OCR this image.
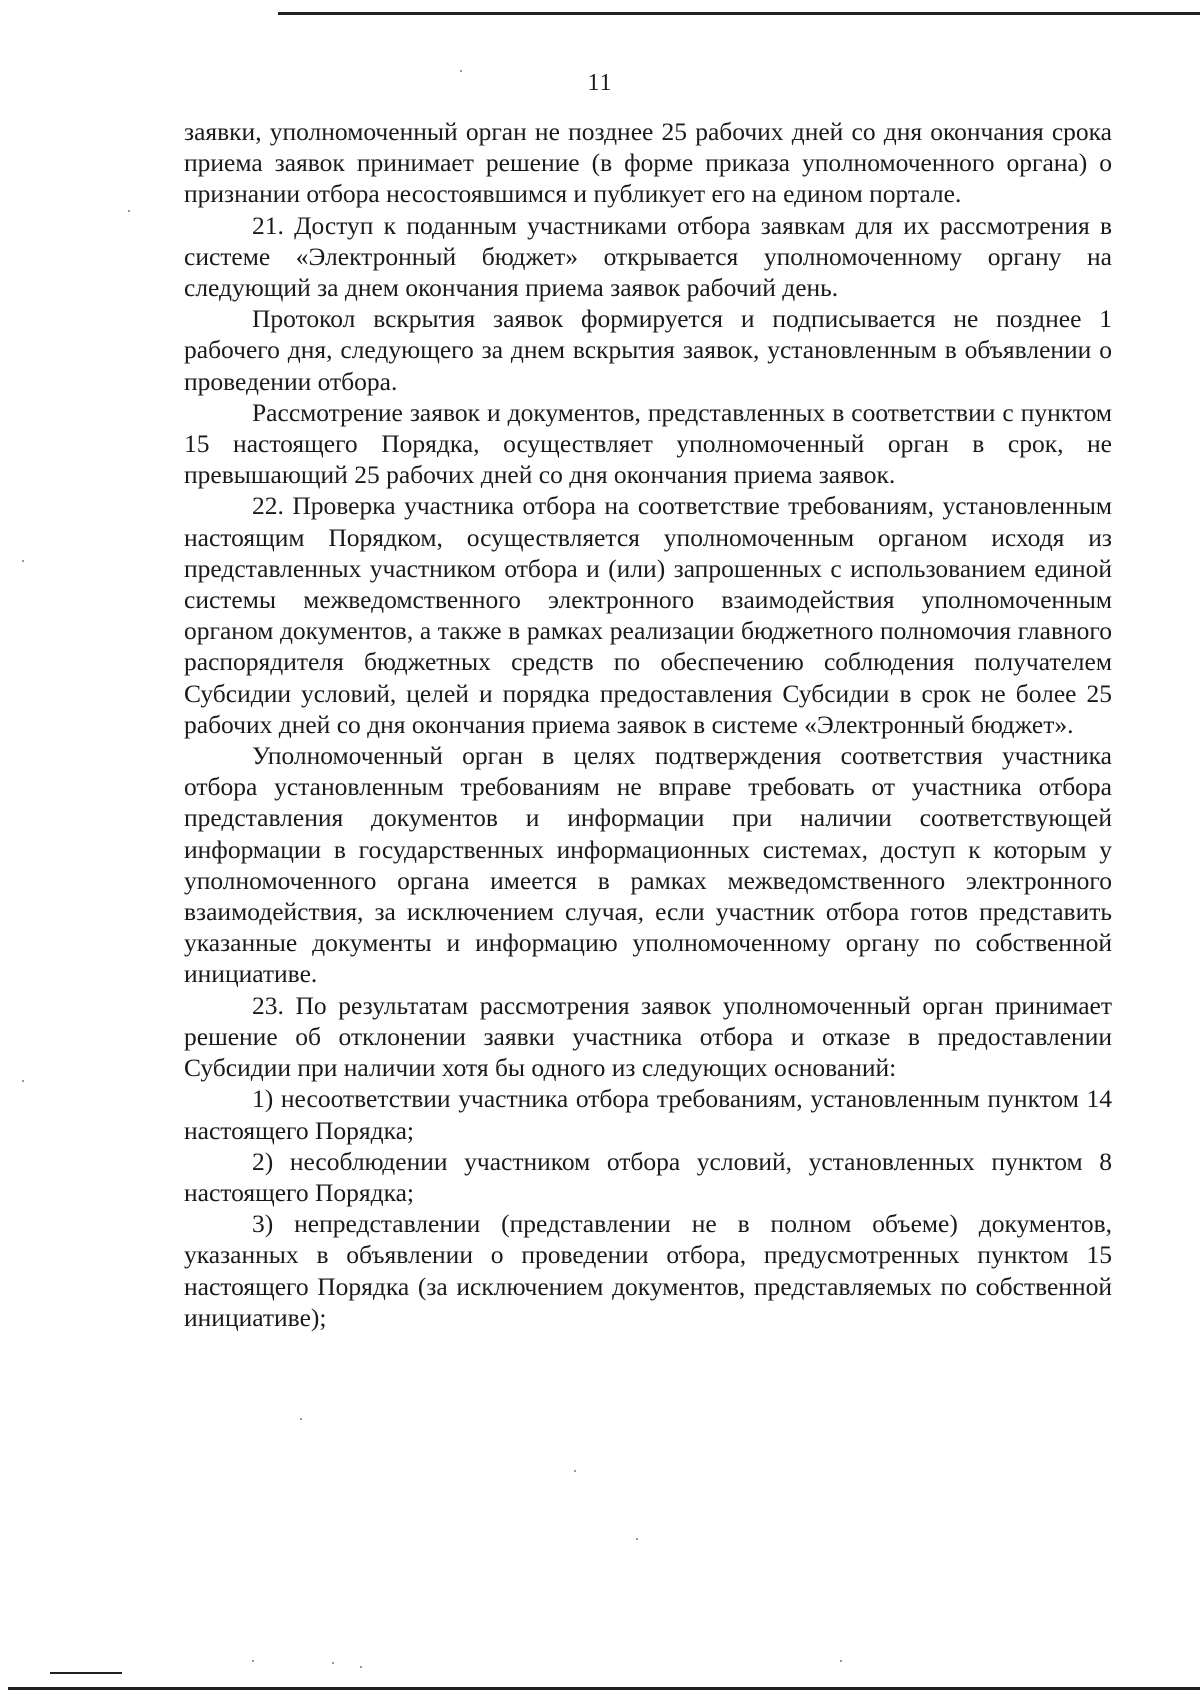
11

заявки, уполномоченный орган не позднее 25 рабочих дней со дня окончания срока приема заявок принимает решение (в форме приказа уполномоченного органа) о признании отбора несостоявшимся и публикует его на едином портале.

21. Доступ к поданным участниками отбора заявкам для их рассмотрения в системе «Электронный бюджет» открывается уполномоченному органу на следующий за днем окончания приема заявок рабочий день.

Протокол вскрытия заявок формируется и подписывается не позднее 1 рабочего дня, следующего за днем вскрытия заявок, установленным в объявлении о проведении отбора.

Рассмотрение заявок и документов, представленных в соответствии с пунктом 15 настоящего Порядка, осуществляет уполномоченный орган в срок, не превышающий 25 рабочих дней со дня окончания приема заявок.

22. Проверка участника отбора на соответствие требованиям, установленным настоящим Порядком, осуществляется уполномоченным органом исходя из представленных участником отбора и (или) запрошенных с использованием единой системы межведомственного электронного взаимодействия уполномоченным органом документов, а также в рамках реализации бюджетного полномочия главного распорядителя бюджетных средств по обеспечению соблюдения получателем Субсидии условий, целей и порядка предоставления Субсидии в срок не более 25 рабочих дней со дня окончания приема заявок в системе «Электронный бюджет».

Уполномоченный орган в целях подтверждения соответствия участника отбора установленным требованиям не вправе требовать от участника отбора представления документов и информации при наличии соответствующей информации в государственных информационных системах, доступ к которым у уполномоченного органа имеется в рамках межведомственного электронного взаимодействия, за исключением случая, если участник отбора готов представить указанные документы и информацию уполномоченному органу по собственной инициативе.

23. По результатам рассмотрения заявок уполномоченный орган принимает решение об отклонении заявки участника отбора и отказе в предоставлении Субсидии при наличии хотя бы одного из следующих оснований:

1) несоответствии участника отбора требованиям, установленным пунктом 14 настоящего Порядка;

2) несоблюдении участником отбора условий, установленных пунктом 8 настоящего Порядка;

3) непредставлении (представлении не в полном объеме) документов, указанных в объявлении о проведении отбора, предусмотренных пунктом 15 настоящего Порядка (за исключением документов, представляемых по собственной инициативе);
